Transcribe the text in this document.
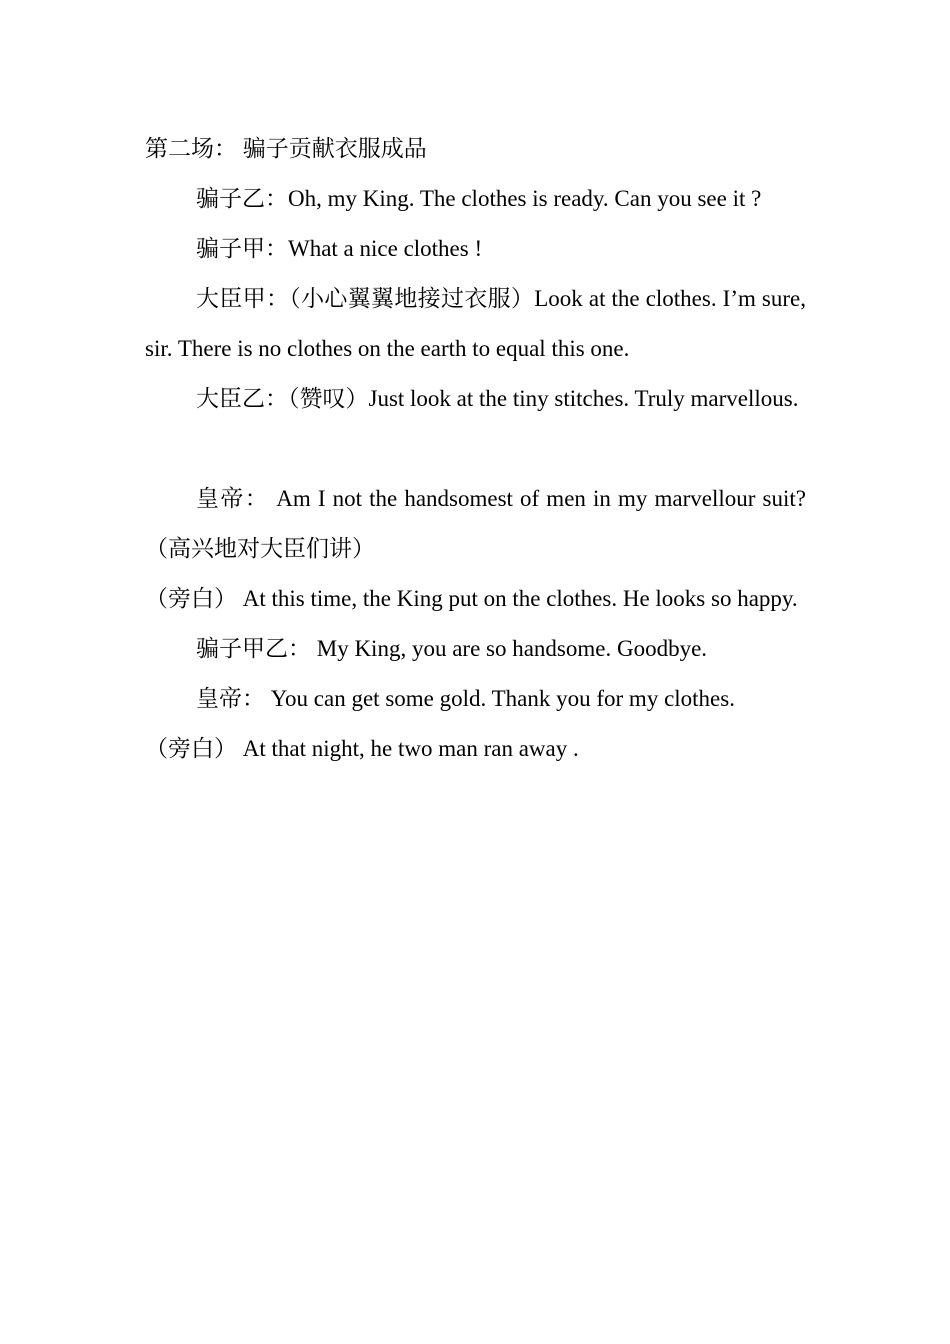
第二场： 骗子贡献衣服成品

骗子乙：Oh, my King. The clothes is ready. Can you see it ?

骗子甲：What a nice clothes !

大臣甲：（小心翼翼地接过衣服）Look at the clothes. I’m sure, sir. There is no clothes on the earth to equal this one.

大臣乙：（赞叹）Just look at the tiny stitches. Truly marvellous.

皇帝： Am I not the handsomest of men in my marvellour suit?（高兴地对大臣们讲）

（旁白） At this time, the King put on the clothes. He looks so happy.

骗子甲乙： My King, you are so handsome. Goodbye.

皇帝： You can get some gold. Thank you for my clothes.

（旁白） At that night, he two man ran away .
